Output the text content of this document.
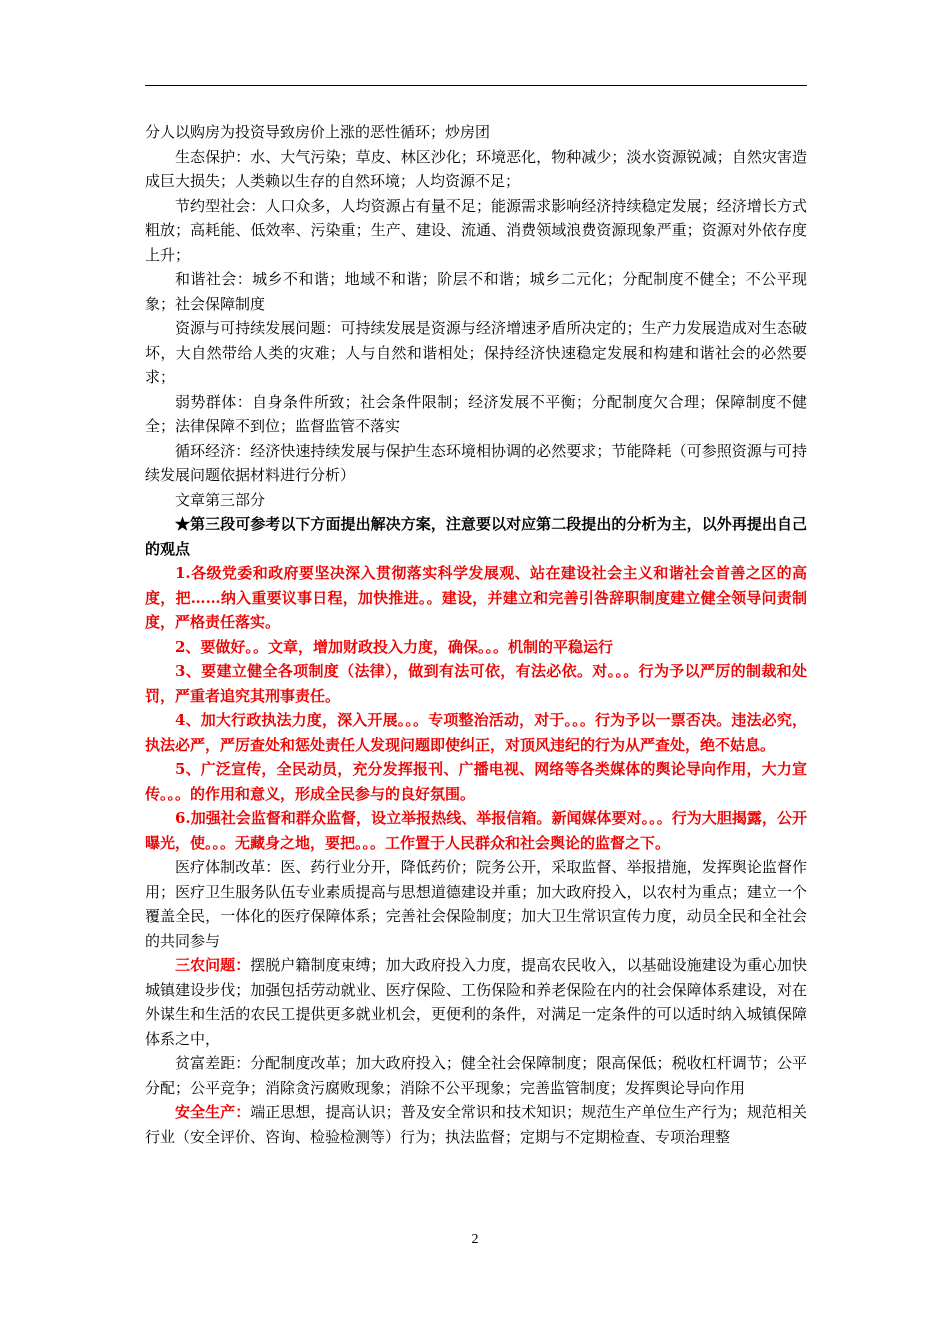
分人以购房为投资导致房价上涨的恶性循环；炒房团

生态保护：水、大气污染；草皮、林区沙化；环境恶化，物种减少；淡水资源锐减；自然灾害造成巨大损失；人类赖以生存的自然环境；人均资源不足；

节约型社会：人口众多，人均资源占有量不足；能源需求影响经济持续稳定发展；经济增长方式粗放；高耗能、低效率、污染重；生产、建设、流通、消费领域浪费资源现象严重；资源对外依存度上升；

和谐社会：城乡不和谐；地域不和谐；阶层不和谐；城乡二元化；分配制度不健全；不公平现象；社会保障制度

资源与可持续发展问题：可持续发展是资源与经济增速矛盾所决定的；生产力发展造成对生态破坏，大自然带给人类的灾难；人与自然和谐相处；保持经济快速稳定发展和构建和谐社会的必然要求；

弱势群体：自身条件所致；社会条件限制；经济发展不平衡；分配制度欠合理；保障制度不健全；法律保障不到位；监督监管不落实

循环经济：经济快速持续发展与保护生态环境相协调的必然要求；节能降耗（可参照资源与可持续发展问题依据材料进行分析）

文章第三部分

★第三段可参考以下方面提出解决方案，注意要以对应第二段提出的分析为主，以外再提出自己的观点

1.各级党委和政府要坚决深入贯彻落实科学发展观、站在建设社会主义和谐社会首善之区的高度，把……纳入重要议事日程，加快推进。。建设，并建立和完善引咎辞职制度建立健全领导问责制度，严格责任落实。

2、要做好。。文章，增加财政投入力度，确保。。。机制的平稳运行

3、要建立健全各项制度（法律），做到有法可依，有法必依。对。。。行为予以严厉的制裁和处罚，严重者追究其刑事责任。

4、加大行政执法力度，深入开展。。。专项整治活动，对于。。。行为予以一票否决。违法必究，执法必严，严厉查处和惩处责任人发现问题即使纠正，对顶风违纪的行为从严查处，绝不姑息。

5、广泛宣传，全民动员，充分发挥报刊、广播电视、网络等各类媒体的舆论导向作用，大力宣传。。。的作用和意义，形成全民参与的良好氛围。

6.加强社会监督和群众监督，设立举报热线、举报信箱。新闻媒体要对。。。行为大胆揭露，公开曝光，使。。。无藏身之地，要把。。。工作置于人民群众和社会舆论的监督之下。

医疗体制改革：医、药行业分开，降低药价；院务公开，采取监督、举报措施，发挥舆论监督作用；医疗卫生服务队伍专业素质提高与思想道德建设并重；加大政府投入，以农村为重点；建立一个覆盖全民，一体化的医疗保障体系；完善社会保险制度；加大卫生常识宣传力度，动员全民和全社会的共同参与

三农问题：摆脱户籍制度束缚；加大政府投入力度，提高农民收入，以基础设施建设为重心加快城镇建设步伐；加强包括劳动就业、医疗保险、工伤保险和养老保险在内的社会保障体系建设，对在外谋生和生活的农民工提供更多就业机会，更便利的条件，对满足一定条件的可以适时纳入城镇保障体系之中，

贫富差距：分配制度改革；加大政府投入；健全社会保障制度；限高保低；税收杠杆调节；公平分配；公平竞争；消除贪污腐败现象；消除不公平现象；完善监管制度；发挥舆论导向作用

安全生产：端正思想，提高认识；普及安全常识和技术知识；规范生产单位生产行为；规范相关行业（安全评价、咨询、检验检测等）行为；执法监督；定期与不定期检查、专项治理整

2
